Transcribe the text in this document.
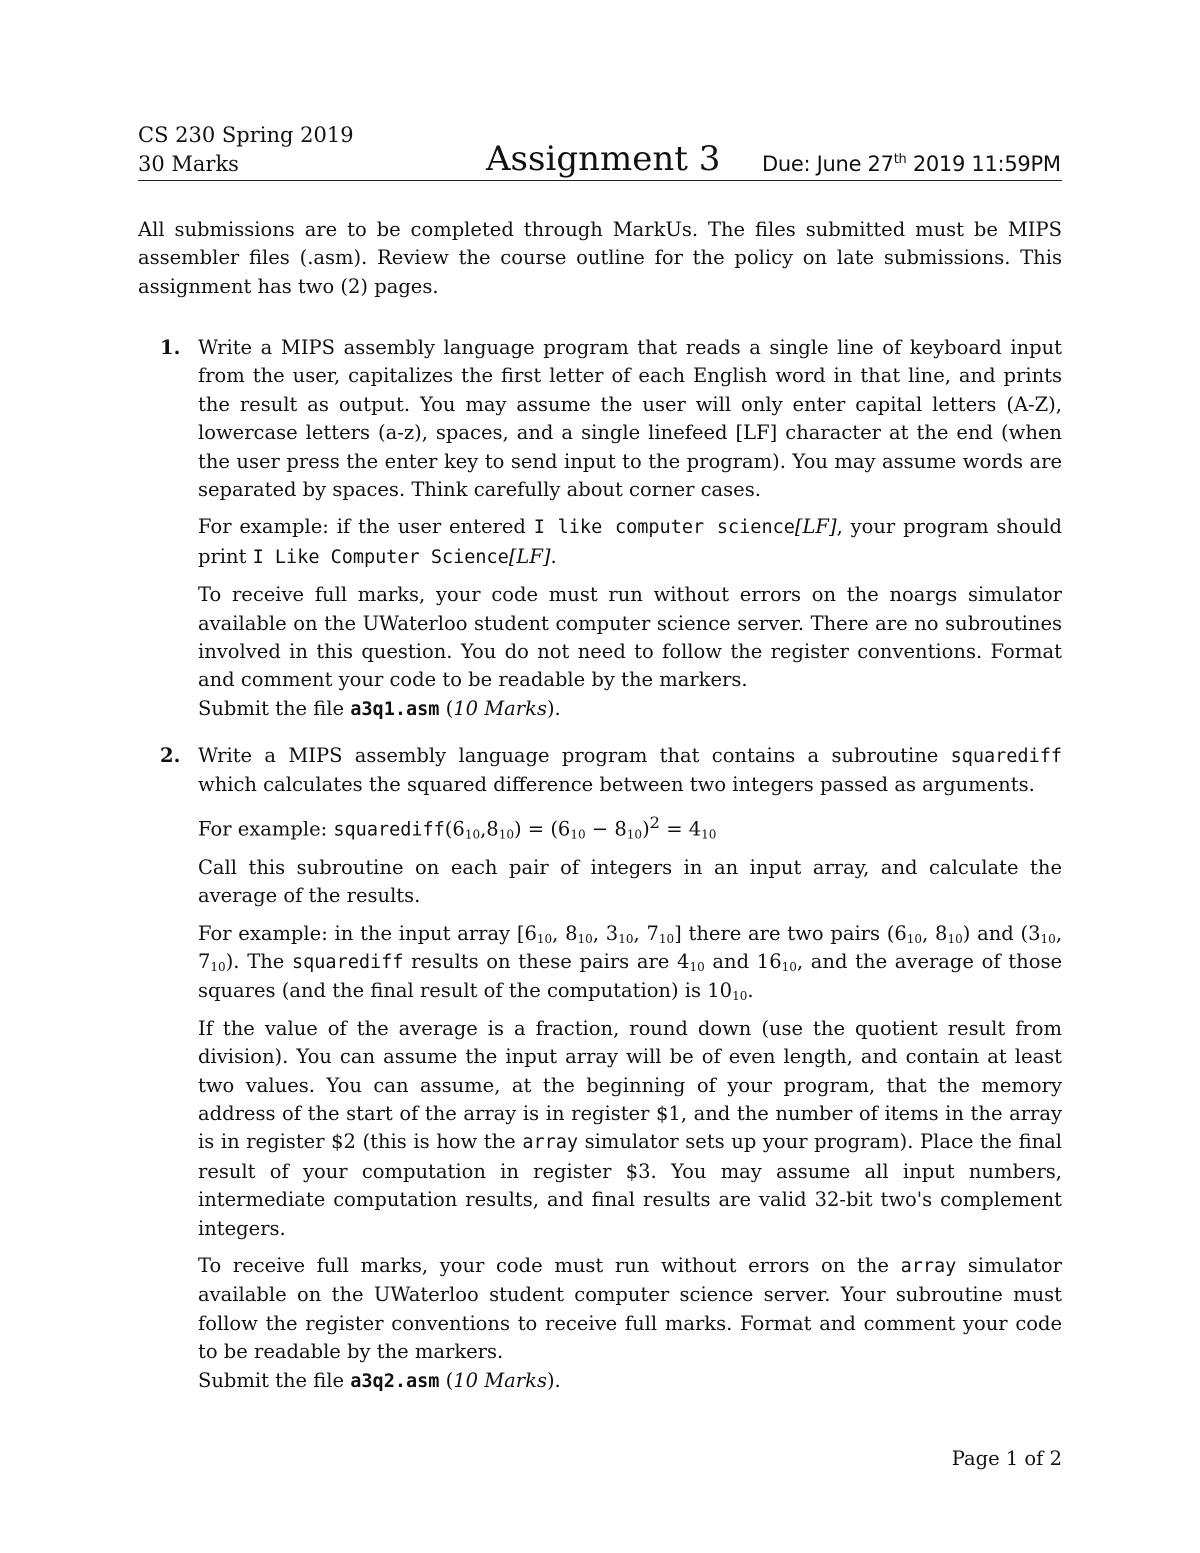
CS 230 Spring 2019
30 Marks	Assignment 3 Due: June 27th 2019 11:59PM
All submissions are to be completed through MarkUs. The files submitted must be MIPS assembler files (.asm). Review the course outline for the policy on late submissions. This assignment has two (2) pages.
1. Write a MIPS assembly language program that reads a single line of keyboard input from the user, capitalizes the first letter of each English word in that line, and prints the result as output. You may assume the user will only enter capital letters (A-Z), lowercase letters (a-z), spaces, and a single linefeed [LF] character at the end (when the user press the enter key to send input to the program). You may assume words are separated by spaces. Think carefully about corner cases.

For example: if the user entered I like computer science[LF], your program should print I Like Computer Science[LF].

To receive full marks, your code must run without errors on the noargs simulator available on the UWaterloo student computer science server. There are no subroutines involved in this question. You do not need to follow the register conventions. Format and comment your code to be readable by the markers.

Submit the file a3q1.asm (10 Marks).

2. Write a MIPS assembly language program that contains a subroutine squarediff which calculates the squared difference between two integers passed as arguments.

For example: squarediff(610,810) = $(610 - 810)^2 = 410$

Call this subroutine on each pair of integers in an input array, and calculate the average of the results.

For example: in the input array [610, 810, 310, 710] there are two pairs (610, 810) and (310, 710). The squarediff results on these pairs are 410 and 1610, and the average of those squares (and the final result of the computation) is 1010.

If the value of the average is a fraction, round down (use the quotient result from division). You can assume the input array will be of even length, and contain at least two values. You can assume, at the beginning of your program, that the memory address of the start of the array is in register $1, and the number of items in the array is in register $2 (this is how the array simulator sets up your program). Place the final result of your computation in register $3. You may assume all input numbers, intermediate computation results, and final results are valid 32-bit two's complement integers.

To receive full marks, your code must run without errors on the array simulator available on the UWaterloo student computer science server. Your subroutine must follow the register conventions to receive full marks. Format and comment your code to be readable by the markers.

Submit the file a3q2.asm (10 Marks).

Page 1 of 2
